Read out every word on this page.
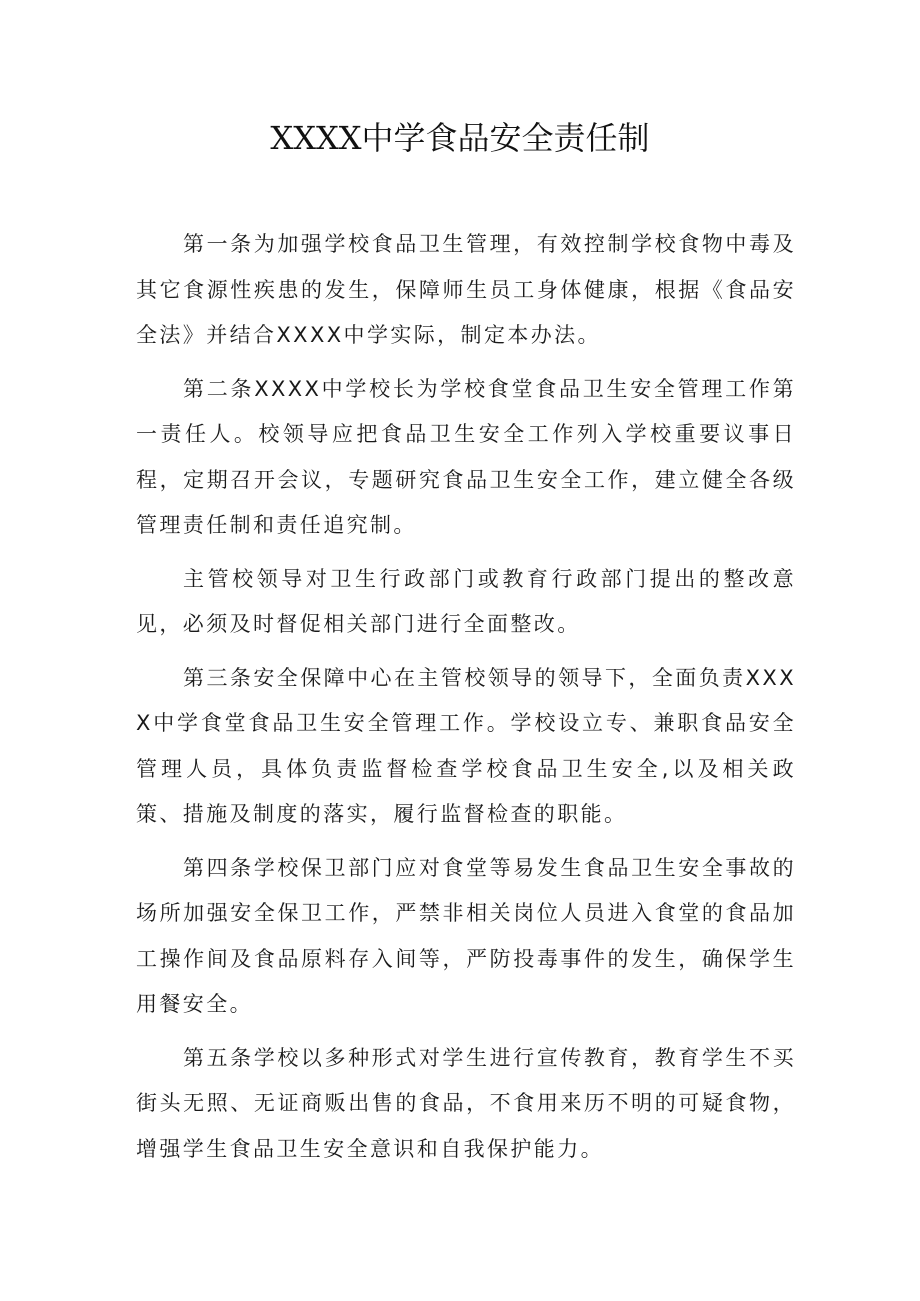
XXXX中学食品安全责任制

第一条为加强学校食品卫生管理，有效控制学校食物中毒及其它食源性疾患的发生，保障师生员工身体健康，根据《食品安全法》并结合XXXX中学实际，制定本办法。

第二条XXXX中学校长为学校食堂食品卫生安全管理工作第一责任人。校领导应把食品卫生安全工作列入学校重要议事日程，定期召开会议，专题研究食品卫生安全工作，建立健全各级管理责任制和责任追究制。

主管校领导对卫生行政部门或教育行政部门提出的整改意见，必须及时督促相关部门进行全面整改。

第三条安全保障中心在主管校领导的领导下，全面负责XXXX中学食堂食品卫生安全管理工作。学校设立专、兼职食品安全管理人员，具体负责监督检查学校食品卫生安全,以及相关政策、措施及制度的落实，履行监督检查的职能。

第四条学校保卫部门应对食堂等易发生食品卫生安全事故的场所加强安全保卫工作，严禁非相关岗位人员进入食堂的食品加工操作间及食品原料存入间等，严防投毒事件的发生，确保学生用餐安全。

第五条学校以多种形式对学生进行宣传教育，教育学生不买街头无照、无证商贩出售的食品，不食用来历不明的可疑食物，增强学生食品卫生安全意识和自我保护能力。
